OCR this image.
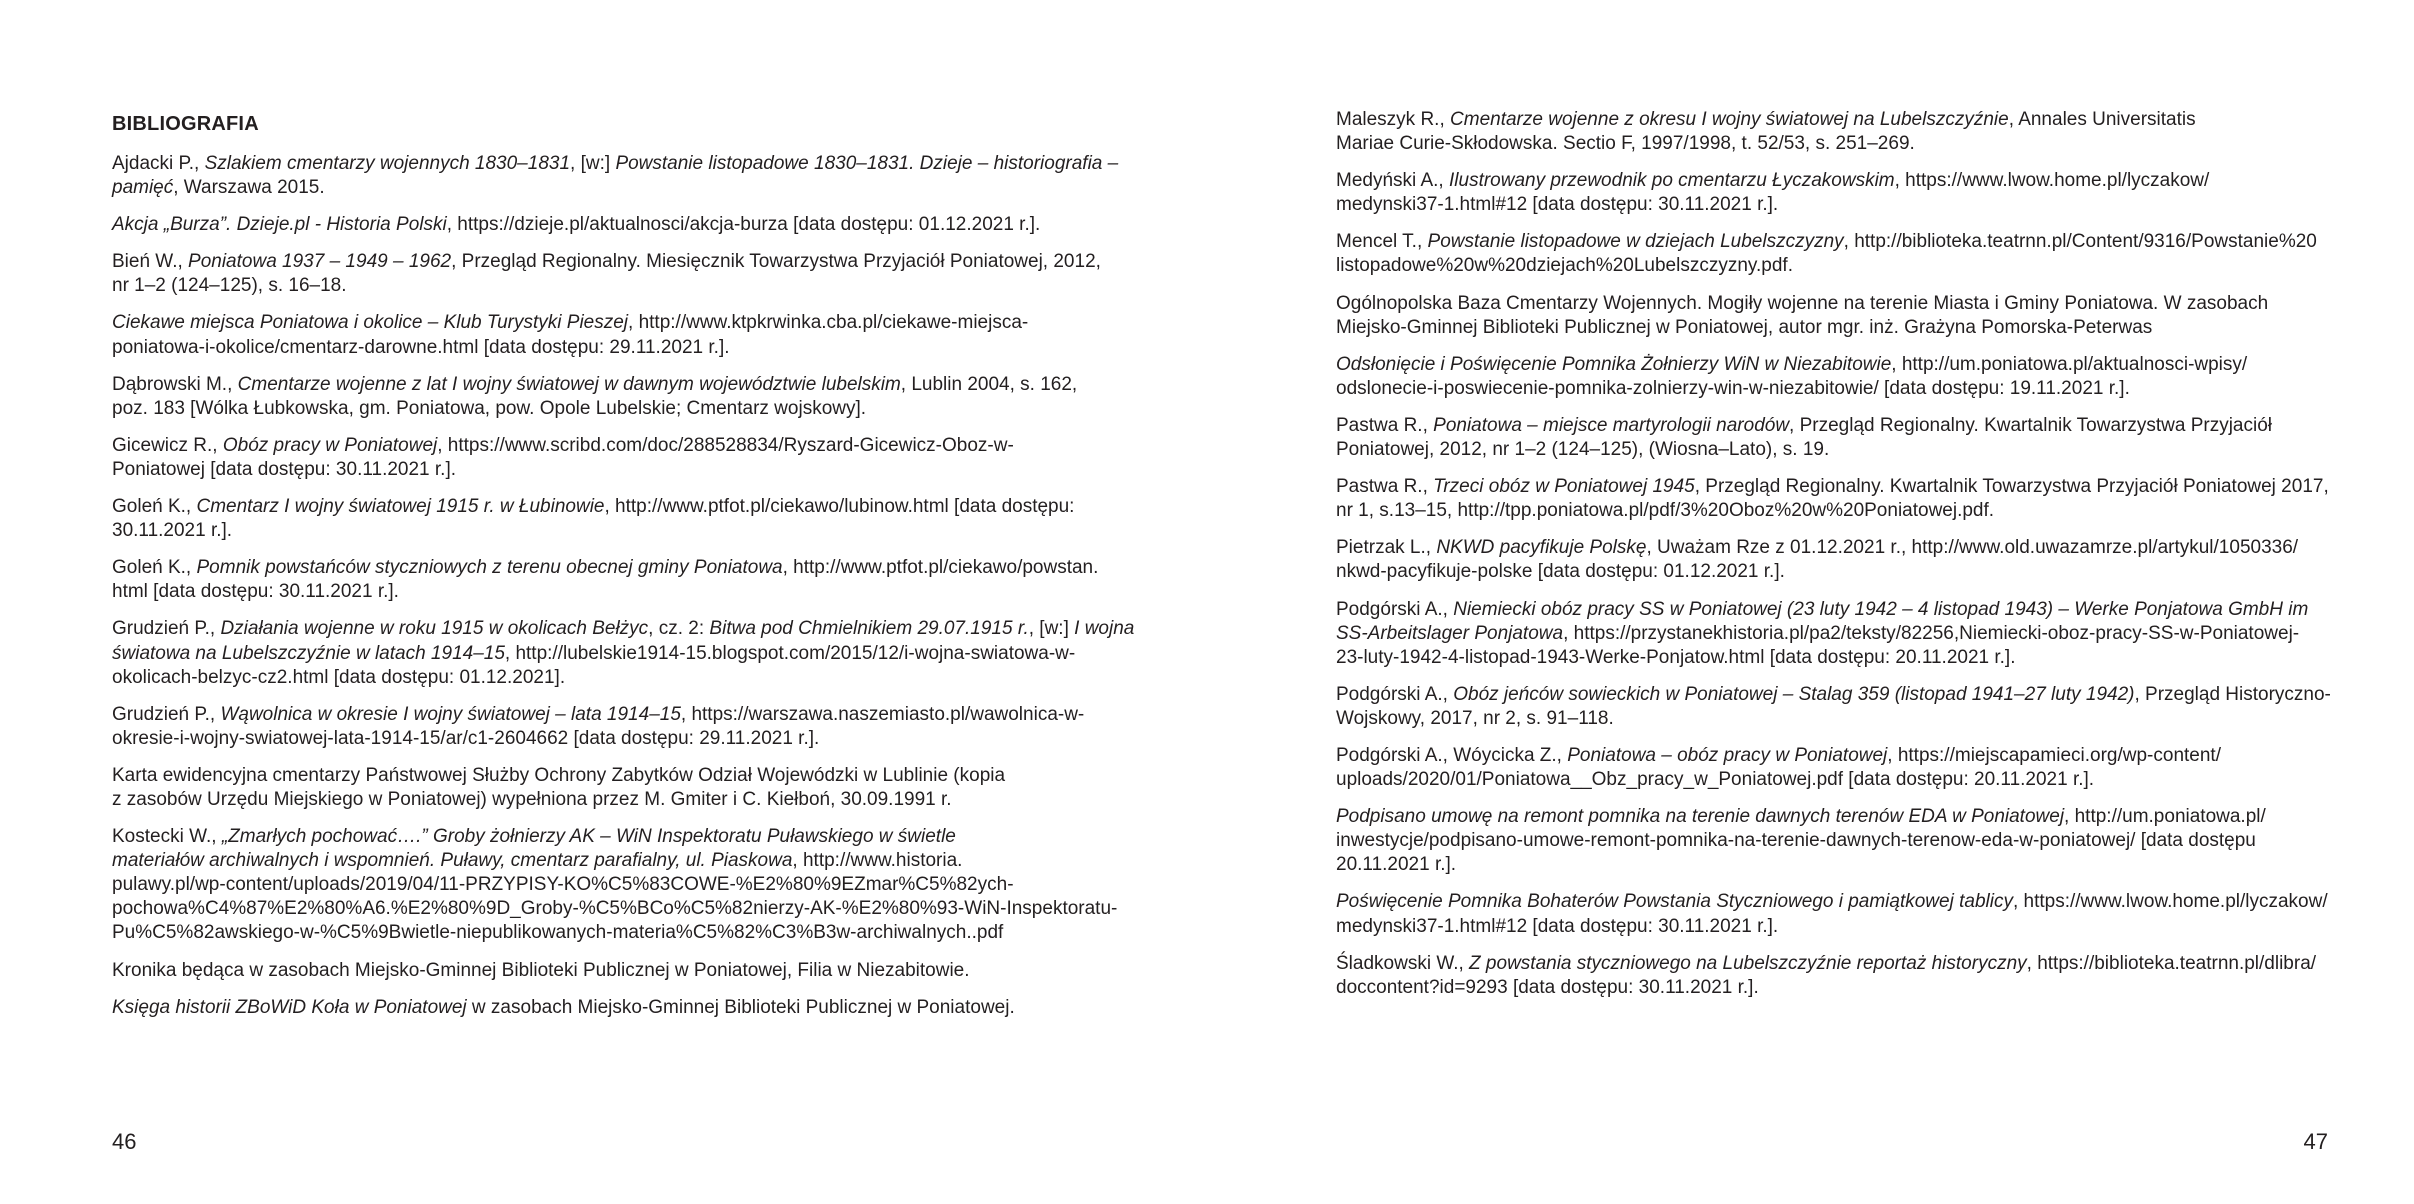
BIBLIOGRAFIA
Ajdacki P., Szlakiem cmentarzy wojennych 1830–1831, [w:] Powstanie listopadowe 1830–1831. Dzieje – historiografia –
pamięć, Warszawa 2015.
Akcja „Burza”. Dzieje.pl - Historia Polski, https://dzieje.pl/aktualnosci/akcja-burza [data dostępu: 01.12.2021 r.].
Bień W., Poniatowa 1937 – 1949 – 1962, Przegląd Regionalny. Miesięcznik Towarzystwa Przyjaciół Poniatowej, 2012,
nr 1–2 (124–125), s. 16–18.
Ciekawe miejsca Poniatowa i okolice – Klub Turystyki Pieszej, http://www.ktpkrwinka.cba.pl/ciekawe-miejsca-
poniatowa-i-okolice/cmentarz-darowne.html [data dostępu: 29.11.2021 r.].
Dąbrowski M., Cmentarze wojenne z lat I wojny światowej w dawnym województwie lubelskim, Lublin 2004, s. 162,
poz. 183 [Wólka Łubkowska, gm. Poniatowa, pow. Opole Lubelskie; Cmentarz wojskowy].
Gicewicz R., Obóz pracy w Poniatowej, https://www.scribd.com/doc/288528834/Ryszard-Gicewicz-Oboz-w-
Poniatowej [data dostępu: 30.11.2021 r.].
Goleń K., Cmentarz I wojny światowej 1915 r. w Łubinowie, http://www.ptfot.pl/ciekawo/lubinow.html [data dostępu:
30.11.2021 r.].
Goleń K., Pomnik powstańców styczniowych z terenu obecnej gminy Poniatowa, http://www.ptfot.pl/ciekawo/powstan.
html [data dostępu: 30.11.2021 r.].
Grudzień P., Działania wojenne w roku 1915 w okolicach Bełżyc, cz. 2: Bitwa pod Chmielnikiem 29.07.1915 r., [w:] I wojna
światowa na Lubelszczyźnie w latach 1914–15, http://lubelskie1914-15.blogspot.com/2015/12/i-wojna-swiatowa-w-
okolicach-belzyc-cz2.html [data dostępu: 01.12.2021].
Grudzień P., Wąwolnica w okresie I wojny światowej – lata 1914–15, https://warszawa.naszemiasto.pl/wawolnica-w-
okresie-i-wojny-swiatowej-lata-1914-15/ar/c1-2604662 [data dostępu: 29.11.2021 r.].
Karta ewidencyjna cmentarzy Państwowej Służby Ochrony Zabytków Odział Wojewódzki w Lublinie (kopia
z zasobów Urzędu Miejskiego w Poniatowej) wypełniona przez M. Gmiter i C. Kiełboń, 30.09.1991 r.
Kostecki W., „Zmarłych pochować….” Groby żołnierzy AK – WiN Inspektoratu Puławskiego w świetle
materiałów archiwalnych i wspomnień. Puławy, cmentarz parafialny, ul. Piaskowa, http://www.historia.
pulawy.pl/wp-content/uploads/2019/04/11-PRZYPISY-KO%C5%83COWE-%E2%80%9EZmar%C5%82ych-
pochowa%C4%87%E2%80%A6.%E2%80%9D_Groby-%C5%BCo%C5%82nierzy-AK-%E2%80%93-WiN-Inspektoratu-
Pu%C5%82awskiego-w-%C5%9Bwietle-niepublikowanych-materia%C5%82%C3%B3w-archiwalnych..pdf
Kronika będąca w zasobach Miejsko-Gminnej Biblioteki Publicznej w Poniatowej, Filia w Niezabitowie.
Księga historii ZBoWiD Koła w Poniatowej w zasobach Miejsko-Gminnej Biblioteki Publicznej w Poniatowej.
46
Maleszyk R., Cmentarze wojenne z okresu I wojny światowej na Lubelszczyźnie, Annales Universitatis
Mariae Curie-Skłodowska. Sectio F, 1997/1998, t. 52/53, s. 251–269.
Medyński A., Ilustrowany przewodnik po cmentarzu Łyczakowskim, https://www.lwow.home.pl/lyczakow/
medynski37-1.html#12 [data dostępu: 30.11.2021 r.].
Mencel T., Powstanie listopadowe w dziejach Lubelszczyzny, http://biblioteka.teatrnn.pl/Content/9316/Powstanie%20
listopadowe%20w%20dziejach%20Lubelszczyzny.pdf.
Ogólnopolska Baza Cmentarzy Wojennych. Mogiły wojenne na terenie Miasta i Gminy Poniatowa. W zasobach
Miejsko-Gminnej Biblioteki Publicznej w Poniatowej, autor mgr. inż. Grażyna Pomorska-Peterwas
Odsłonięcie i Poświęcenie Pomnika Żołnierzy WiN w Niezabitowie, http://um.poniatowa.pl/aktualnosci-wpisy/
odslonecie-i-poswiecenie-pomnika-zolnierzy-win-w-niezabitowie/ [data dostępu: 19.11.2021 r.].
Pastwa R., Poniatowa – miejsce martyrologii narodów, Przegląd Regionalny. Kwartalnik Towarzystwa Przyjaciół
Poniatowej, 2012, nr 1–2 (124–125), (Wiosna–Lato), s. 19.
Pastwa R., Trzeci obóz w Poniatowej 1945, Przegląd Regionalny. Kwartalnik Towarzystwa Przyjaciół Poniatowej 2017,
nr 1, s.13–15, http://tpp.poniatowa.pl/pdf/3%20Oboz%20w%20Poniatowej.pdf.
Pietrzak L., NKWD pacyfikuje Polskę, Uważam Rze z 01.12.2021 r., http://www.old.uwazamrze.pl/artykul/1050336/
nkwd-pacyfikuje-polske [data dostępu: 01.12.2021 r.].
Podgórski A., Niemiecki obóz pracy SS w Poniatowej (23 luty 1942 – 4 listopad 1943) – Werke Ponjatowa GmbH im
SS-Arbeitslager Ponjatowa, https://przystanekhistoria.pl/pa2/teksty/82256,Niemiecki-oboz-pracy-SS-w-Poniatowej-
23-luty-1942-4-listopad-1943-Werke-Ponjatow.html [data dostępu: 20.11.2021 r.].
Podgórski A., Obóz jeńców sowieckich w Poniatowej – Stalag 359 (listopad 1941–27 luty 1942), Przegląd Historyczno-
Wojskowy, 2017, nr 2, s. 91–118.
Podgórski A., Wóycicka Z., Poniatowa – obóz pracy w Poniatowej, https://miejscapamieci.org/wp-content/
uploads/2020/01/Poniatowa__Obz_pracy_w_Poniatowej.pdf [data dostępu: 20.11.2021 r.].
Podpisano umowę na remont pomnika na terenie dawnych terenów EDA w Poniatowej, http://um.poniatowa.pl/
inwestycje/podpisano-umowe-remont-pomnika-na-terenie-dawnych-terenow-eda-w-poniatowej/ [data dostępu
20.11.2021 r.].
Poświęcenie Pomnika Bohaterów Powstania Styczniowego i pamiątkowej tablicy, https://www.lwow.home.pl/lyczakow/
medynski37-1.html#12 [data dostępu: 30.11.2021 r.].
Śladkowski W., Z powstania styczniowego na Lubelszczyźnie reportaż historyczny, https://biblioteka.teatrnn.pl/dlibra/
doccontent?id=9293 [data dostępu: 30.11.2021 r.].
47
